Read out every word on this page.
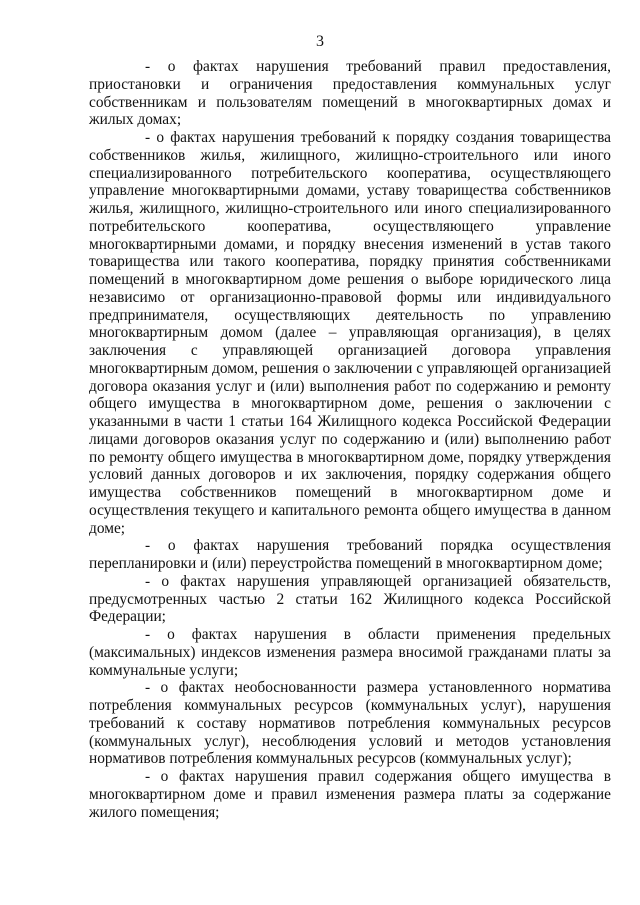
3

- о фактах нарушения требований правил предоставления, приостановки и ограничения предоставления коммунальных услуг собственникам и пользователям помещений в многоквартирных домах и жилых домах;

- о фактах нарушения требований к порядку создания товарищества собственников жилья, жилищного, жилищно-строительного или иного специализированного потребительского кооператива, осуществляющего управление многоквартирными домами, уставу товарищества собственников жилья, жилищного, жилищно-строительного или иного специализированного потребительского кооператива, осуществляющего управление многоквартирными домами, и порядку внесения изменений в устав такого товарищества или такого кооператива, порядку принятия собственниками помещений в многоквартирном доме решения о выборе юридического лица независимо от организационно-правовой формы или индивидуального предпринимателя, осуществляющих деятельность по управлению многоквартирным домом (далее – управляющая организация), в целях заключения с управляющей организацией договора управления многоквартирным домом, решения о заключении с управляющей организацией договора оказания услуг и (или) выполнения работ по содержанию и ремонту общего имущества в многоквартирном доме, решения о заключении с указанными в части 1 статьи 164 Жилищного кодекса Российской Федерации лицами договоров оказания услуг по содержанию и (или) выполнению работ по ремонту общего имущества в многоквартирном доме, порядку утверждения условий данных договоров и их заключения, порядку содержания общего имущества собственников помещений в многоквартирном доме и осуществления текущего и капитального ремонта общего имущества в данном доме;

- о фактах нарушения требований порядка осуществления перепланировки и (или) переустройства помещений в многоквартирном доме;

- о фактах нарушения управляющей организацией обязательств, предусмотренных частью 2 статьи 162 Жилищного кодекса Российской Федерации;

- о фактах нарушения в области применения предельных (максимальных) индексов изменения размера вносимой гражданами платы за коммунальные услуги;

- о фактах необоснованности размера установленного норматива потребления коммунальных ресурсов (коммунальных услуг), нарушения требований к составу нормативов потребления коммунальных ресурсов (коммунальных услуг), несоблюдения условий и методов установления нормативов потребления коммунальных ресурсов (коммунальных услуг);

- о фактах нарушения правил содержания общего имущества в многоквартирном доме и правил изменения размера платы за содержание жилого помещения;
